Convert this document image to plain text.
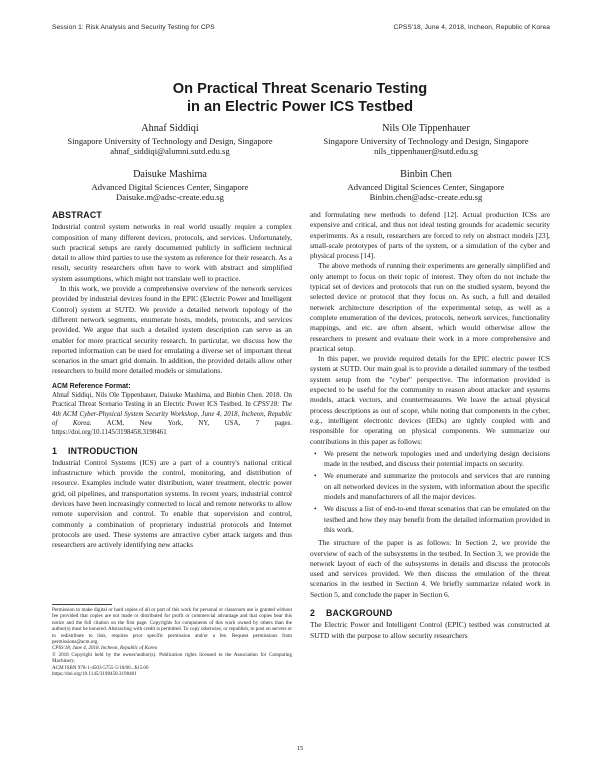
Session 1: Risk Analysis and Security Testing for CPS	CPSS'18, June 4, 2018, Incheon, Republic of Korea
On Practical Threat Scenario Testing
in an Electric Power ICS Testbed
Ahnaf Siddiqi
Singapore University of Technology and Design, Singapore
ahnaf_siddiqi@alumni.sutd.edu.sg
Nils Ole Tippenhauer
Singapore University of Technology and Design, Singapore
nils_tippenhauer@sutd.edu.sg
Daisuke Mashima
Advanced Digital Sciences Center, Singapore
Daisuke.m@adsc-create.edu.sg
Binbin Chen
Advanced Digital Sciences Center, Singapore
Binbin.chen@adsc-create.edu.sg
ABSTRACT

Industrial control system networks in real world usually require a complex composition of many different devices, protocols, and services. Unfortunately, such practical setups are rarely documented publicly in sufficient technical detail to allow third parties to use the system as reference for their research. As a result, security researchers often have to work with abstract and simplified system assumptions, which might not translate well to practice.

In this work, we provide a comprehensive overview of the network services provided by industrial devices found in the EPIC (Electric Power and Intelligent Control) system at SUTD. We provide a detailed network topology of the different network segments, enumerate hosts, models, protocols, and services provided. We argue that such a detailed system description can serve as an enabler for more practical security research. In particular, we discuss how the reported information can be used for emulating a diverse set of important threat scenarios in the smart grid domain. In addition, the provided details allow other researchers to build more detailed models or simulations.

ACM Reference Format:
Ahnaf Siddiqi, Nils Ole Tippenhauer, Daisuke Mashima, and Binbin Chen. 2018. On Practical Threat Scenario Testing in an Electric Power ICS Testbed. In CPSS'18: The 4th ACM Cyber-Physical System Security Workshop, June 4, 2018, Incheon, Republic of Korea. ACM, New York, NY, USA, 7 pages. https://doi.org/10.1145/3198458.3198461
1 INTRODUCTION

Industrial Control Systems (ICS) are a part of a country's national critical infrastructure which provide the control, monitoring, and distribution of resource. Examples include water distribution, water treatment, electric power grid, oil pipelines, and transportation systems. In recent years, industrial control devices have been increasingly connected to local and remote networks to allow remote supervision and control. To enable that supervision and control, commonly a combination of proprietary industrial protocols and Internet protocols are used. These systems are attractive cyber attack targets and thus researchers are actively identifying new attacks

Permission to make digital or hard copies of all or part of this work for personal or classroom use is granted without fee provided that copies are not made or distributed for profit or commercial advantage and that copies bear this notice and the full citation on the first page. Copyrights for components of this work owned by others than the author(s) must be honored. Abstracting with credit is permitted. To copy otherwise, or republish, to post on servers or to redistribute to lists, requires prior specific permission and/or a fee. Request permissions from permissions@acm.org.

CPSS'18, June 4, 2018, Incheon, Republic of Korea

© 2018 Copyright held by the owner/author(s). Publication rights licensed to the Association for Computing Machinery.

ACM ISBN 978-1-4503-5755-5/18/06...$15.00

https://doi.org/10.1145/3198458.3198461

and formulating new methods to defend [12]. Actual production ICSs are expensive and critical, and thus not ideal testing grounds for academic security experiments. As a result, researchers are forced to rely on abstract models [23], small-scale prototypes of parts of the system, or a simulation of the cyber and physical process [14].

The above methods of running their experiments are generally simplified and only attempt to focus on their topic of interest. They often do not include the typical set of devices and protocols that run on the studied system, beyond the selected device or protocol that they focus on. As such, a full and detailed network architecture description of the experimental setup, as well as a complete enumeration of the devices, protocols, network services, functionality mappings, and etc. are often absent, which would otherwise allow the researchers to present and evaluate their work in a more comprehensive and practical setup.

In this paper, we provide required details for the EPIC electric power ICS system at SUTD. Our main goal is to provide a detailed summary of the testbed system setup from the "cyber" perspective. The information provided is expected to be useful for the community to reason about attacker and systems models, attack vectors, and countermeasures. We leave the actual physical process descriptions as out of scope, while noting that components in the cyber, e.g., intelligent electronic devices (IEDs) are tightly coupled with and responsible for operating on physical components. We summarize our contributions in this paper as follows:

• We present the network topologies used and underlying design decisions made in the testbed, and discuss their potential impacts on security.
• We enumerate and summarize the protocols and services that are running on all networked devices in the system, with information about the specific models and manufacturers of all the major devices.
• We discuss a list of end-to-end threat scenarios that can be emulated on the testbed and how they may benefit from the detailed information provided in this work.

The structure of the paper is as follows: In Section 2, we provide the overview of each of the subsystems in the testbed. In Section 3, we provide the network layout of each of the subsystems in details and discuss the protocols used and services provided. We then discuss the emulation of the threat scenarios in the testbed in Section 4. We briefly summarize related work in Section 5, and conclude the paper in Section 6.

2 BACKGROUND

The Electric Power and Intelligent Control (EPIC) testbed was constructed at SUTD with the purpose to allow security researchers

15
